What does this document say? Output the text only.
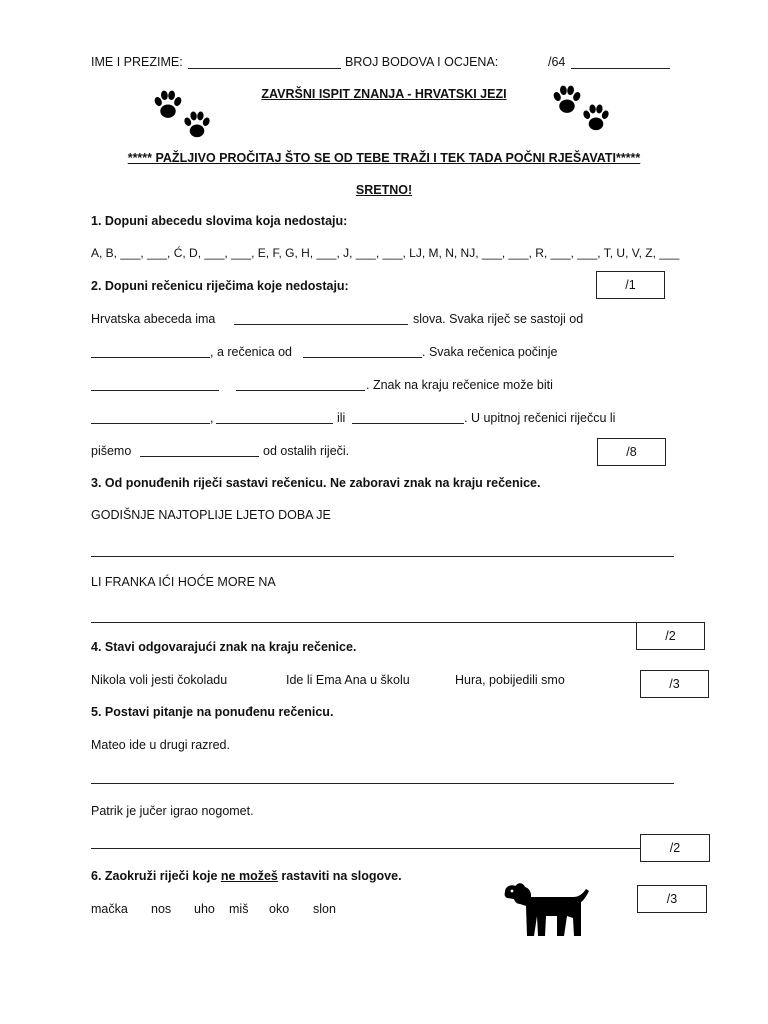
IME I PREZIME:	BROJ BODOVA I OCJENA:	/64
ZAVRŠNI ISPIT ZNANJA - HRVATSKI JEZI
***** PAŽLJIVO PROČITAJ ŠTO SE OD TEBE TRAŽI I TEK TADA POČNI RJEŠAVATI*****
SRETNO!
1. Dopuni abecedu slovima koja nedostaju:
A, B, ___, ___, Ć, D, ___, ___, E, F, G, H, ___, J, ___, ___, LJ, M, N, NJ, ___, ___, R, ___, ___, T, U, V, Z, ___
/1
2. Dopuni rečenicu riječima koje nedostaju:
Hrvatska abeceda ima	slova. Svaka riječ se sastoji od
, a rečenica od	. Svaka rečenica počinje
. Znak na kraju rečenice može biti
,	ili	. U upitnoj rečenici riječcu li
pišemo	od ostalih riječi.	/8
3. Od ponuđenih riječi sastavi rečenicu. Ne zaboravi znak na kraju rečenice.
GODIŠNJE NAJTOPLIJE LJETO DOBA JE
LI FRANKA IĆI HOĆE MORE NA
/2
4. Stavi odgovarajući znak na kraju rečenice.
Nikola voli jesti čokoladu	Ide li Ema Ana u školu	Hura, pobijedili smo	/3
5. Postavi pitanje na ponuđenu rečenicu.
Mateo ide u drugi razred.
Patrik je jučer igrao nogomet.
/2
6. Zaokruži riječi koje ne možeš rastaviti na slogove.
mačka nos uho miš oko slon
/3
